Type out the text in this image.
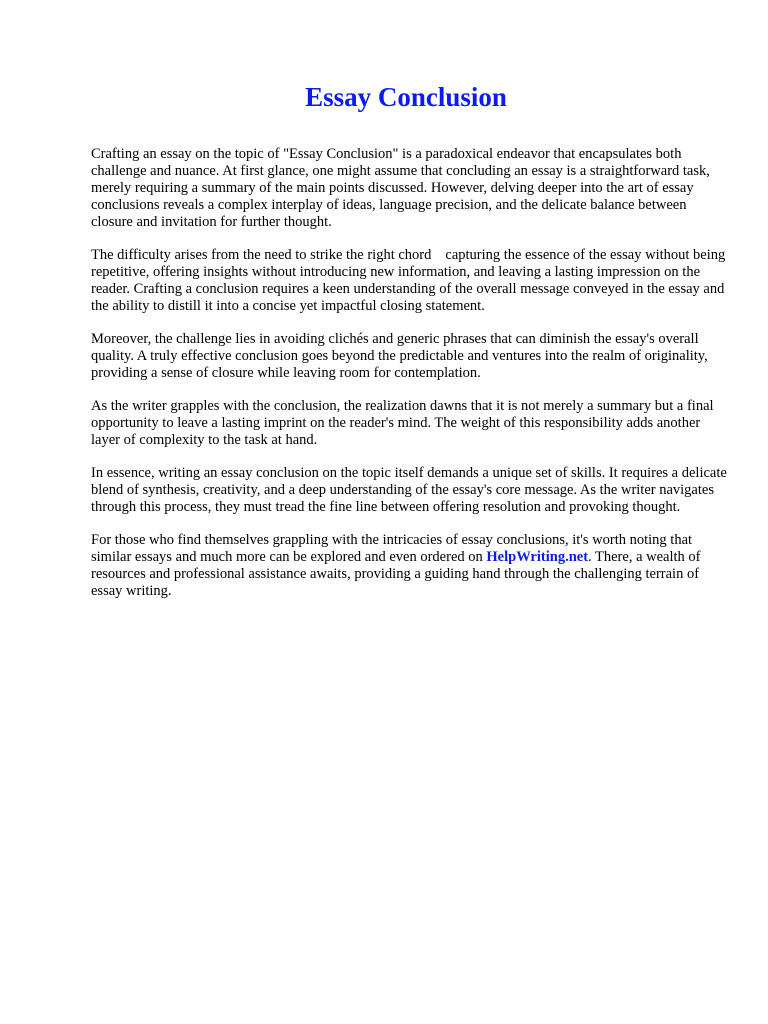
Essay Conclusion

Crafting an essay on the topic of "Essay Conclusion" is a paradoxical endeavor that encapsulates both challenge and nuance. At first glance, one might assume that concluding an essay is a straightforward task, merely requiring a summary of the main points discussed. However, delving deeper into the art of essay conclusions reveals a complex interplay of ideas, language precision, and the delicate balance between closure and invitation for further thought.

The difficulty arises from the need to strike the right chord capturing the essence of the essay without being repetitive, offering insights without introducing new information, and leaving a lasting impression on the reader. Crafting a conclusion requires a keen understanding of the overall message conveyed in the essay and the ability to distill it into a concise yet impactful closing statement.

Moreover, the challenge lies in avoiding clichés and generic phrases that can diminish the essay's overall quality. A truly effective conclusion goes beyond the predictable and ventures into the realm of originality, providing a sense of closure while leaving room for contemplation.

As the writer grapples with the conclusion, the realization dawns that it is not merely a summary but a final opportunity to leave a lasting imprint on the reader's mind. The weight of this responsibility adds another layer of complexity to the task at hand.

In essence, writing an essay conclusion on the topic itself demands a unique set of skills. It requires a delicate blend of synthesis, creativity, and a deep understanding of the essay's core message. As the writer navigates through this process, they must tread the fine line between offering resolution and provoking thought.

For those who find themselves grappling with the intricacies of essay conclusions, it's worth noting that similar essays and much more can be explored and even ordered on HelpWriting.net. There, a wealth of resources and professional assistance awaits, providing a guiding hand through the challenging terrain of essay writing.
